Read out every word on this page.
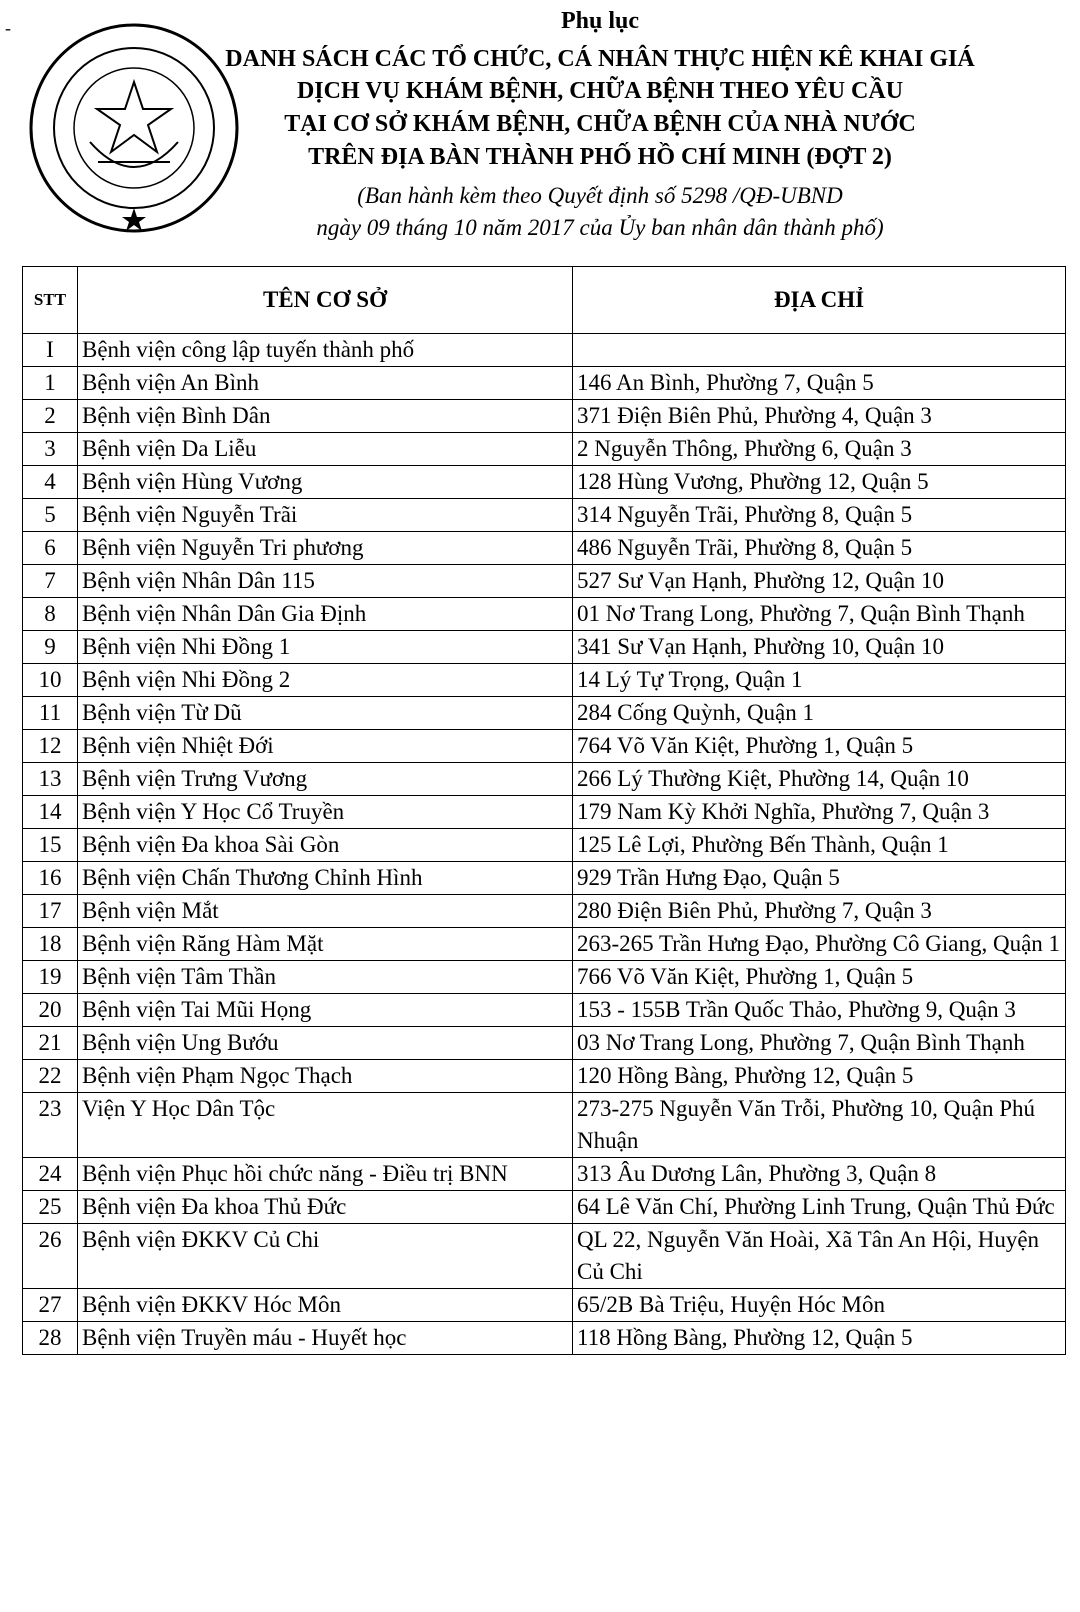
-	Phụ lục
DANH SÁCH CÁC TỔ CHỨC, CÁ NHÂN THỰC HIỆN KÊ KHAI GIÁ
DỊCH VỤ KHÁM BỆNH, CHỮA BỆNH THEO YÊU CẦU
TẠI CƠ SỞ KHÁM BỆNH, CHỮA BỆNH CỦA NHÀ NƯỚC
TRÊN ĐỊA BÀN THÀNH PHỐ HỒ CHÍ MINH (ĐỢT 2)
(Ban hành kèm theo Quyết định số 5298 /QĐ-UBND
ngày 09 tháng 10 năm 2017 của Ủy ban nhân dân thành phố)
STT	TÊN CƠ SỞ	ĐỊA CHỈ
I	Bệnh viện công lập tuyến thành phố	
1	Bệnh viện An Bình	146 An Bình, Phường 7, Quận 5
2	Bệnh viện Bình Dân	371 Điện Biên Phủ, Phường 4, Quận 3
3	Bệnh viện Da Liễu	2 Nguyễn Thông, Phường 6, Quận 3
4	Bệnh viện Hùng Vương	128 Hùng Vương, Phường 12, Quận 5
5	Bệnh viện Nguyễn Trãi	314 Nguyễn Trãi, Phường 8, Quận 5
6	Bệnh viện Nguyễn Tri phương	486 Nguyễn Trãi, Phường 8, Quận 5
7	Bệnh viện Nhân Dân 115	527 Sư Vạn Hạnh, Phường 12, Quận 10
8	Bệnh viện Nhân Dân Gia Định	01 Nơ Trang Long, Phường 7, Quận Bình Thạnh
9	Bệnh viện Nhi Đồng 1	341 Sư Vạn Hạnh, Phường 10, Quận 10
10	Bệnh viện Nhi Đồng 2	14 Lý Tự Trọng, Quận 1
11	Bệnh viện Từ Dũ	284 Cống Quỳnh, Quận 1
12	Bệnh viện Nhiệt Đới	764 Võ Văn Kiệt, Phường 1, Quận 5
13	Bệnh viện Trưng Vương	266 Lý Thường Kiệt, Phường 14, Quận 10
14	Bệnh viện Y Học Cổ Truyền	179 Nam Kỳ Khởi Nghĩa, Phường 7, Quận 3
15	Bệnh viện Đa khoa Sài Gòn	125 Lê Lợi, Phường Bến Thành, Quận 1
16	Bệnh viện Chấn Thương Chỉnh Hình	929 Trần Hưng Đạo, Quận 5
17	Bệnh viện Mắt	280 Điện Biên Phủ, Phường 7, Quận 3
18	Bệnh viện Răng Hàm Mặt	263-265 Trần Hưng Đạo, Phường Cô Giang, Quận 1
19	Bệnh viện Tâm Thần	766 Võ Văn Kiệt, Phường 1, Quận 5
20	Bệnh viện Tai Mũi Họng	153 - 155B Trần Quốc Thảo, Phường 9, Quận 3
21	Bệnh viện Ung Bướu	03 Nơ Trang Long, Phường 7, Quận Bình Thạnh
22	Bệnh viện Phạm Ngọc Thạch	120 Hồng Bàng, Phường 12, Quận 5
23	Viện Y Học Dân Tộc	273-275 Nguyễn Văn Trỗi, Phường 10, Quận Phú Nhuận
24	Bệnh viện Phục hồi chức năng - Điều trị BNN	313 Âu Dương Lân, Phường 3, Quận 8
25	Bệnh viện Đa khoa Thủ Đức	64 Lê Văn Chí, Phường Linh Trung, Quận Thủ Đức
26	Bệnh viện ĐKKV Củ Chi	QL 22, Nguyễn Văn Hoài, Xã Tân An Hội, Huyện Củ Chi
27	Bệnh viện ĐKKV Hóc Môn	65/2B Bà Triệu, Huyện Hóc Môn
28	Bệnh viện Truyền máu - Huyết học	118 Hồng Bàng, Phường 12, Quận 5
